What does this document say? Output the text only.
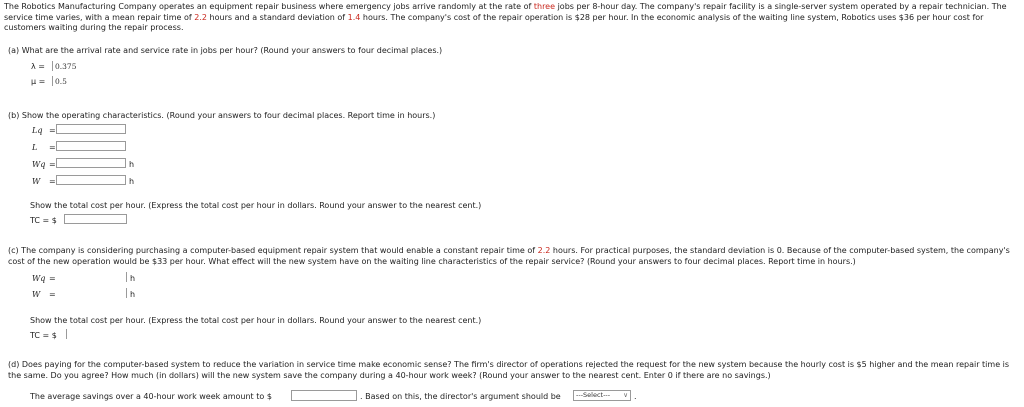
The Robotics Manufacturing Company operates an equipment repair business where emergency jobs arrive randomly at the rate of three jobs per 8-hour day. The company's repair facility is a single-server system operated by a repair technician. The service time varies, with a mean repair time of 2.2 hours and a standard deviation of 1.4 hours. The company's cost of the repair operation is $28 per hour. In the economic analysis of the waiting line system, Robotics uses $36 per hour cost for customers waiting during the repair process.
(a) What are the arrival rate and service rate in jobs per hour? (Round your answers to four decimal places.)
λ = 0.375
μ = 0.5
(b) Show the operating characteristics. (Round your answers to four decimal places. Report time in hours.)
Lq =
L =
Wq =	h
W =	h
Show the total cost per hour. (Express the total cost per hour in dollars. Round your answer to the nearest cent.)
TC = $
(c) The company is considering purchasing a computer-based equipment repair system that would enable a constant repair time of 2.2 hours. For practical purposes, the standard deviation is 0. Because of the computer-based system, the company's cost of the new operation would be $33 per hour. What effect will the new system have on the waiting line characteristics of the repair service? (Round your answers to four decimal places. Report time in hours.)
Wq =	h
W =	h
Show the total cost per hour. (Express the total cost per hour in dollars. Round your answer to the nearest cent.)
TC = $
(d) Does paying for the computer-based system to reduce the variation in service time make economic sense? The firm's director of operations rejected the request for the new system because the hourly cost is $5 higher and the mean repair time is the same. Do you agree? How much (in dollars) will the new system save the company during a 40-hour work week? (Round your answer to the nearest cent. Enter 0 if there are no savings.)
The average savings over a 40-hour work week amount to $	. Based on this, the director's argument should be	---Select--- ∨ .
